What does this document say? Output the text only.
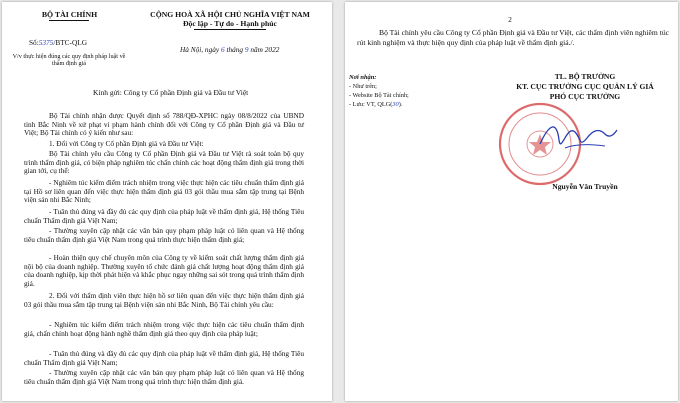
BỘ TÀI CHÍNH
Số:5375/BTC-QLG
V/v thực hiện đúng các quy định pháp luật về thẩm định giá
CỘNG HOÀ XÃ HỘI CHỦ NGHĨA VIỆT NAM
Độc lập - Tự do - Hạnh phúc
Hà Nội, ngày 6 tháng 9 năm 2022
Kính gửi: Công ty Cổ phần Định giá và Đầu tư Việt
Bộ Tài chính nhận được Quyết định số 788/QĐ-XPHC ngày 08/8/2022 của UBND tỉnh Bắc Ninh về xử phạt vi phạm hành chính đối với Công ty Cổ phần Định giá và Đầu tư Việt; Bộ Tài chính có ý kiến như sau:
1. Đối với Công ty Cổ phần Định giá và Đầu tư Việt:
Bộ Tài chính yêu cầu Công ty Cổ phần Định giá và Đầu tư Việt rà soát toàn bộ quy trình thẩm định giá, có biện pháp nghiêm túc chấn chỉnh các hoạt động thẩm định giá trong thời gian tới, cụ thể:
- Nghiêm túc kiểm điểm trách nhiệm trong việc thực hiện các tiêu chuẩn thẩm định giá tại Hồ sơ liên quan đến việc thực hiện thẩm định giá 03 gói thầu mua sắm tập trung tại Bệnh viện sản nhi Bắc Ninh;
- Tuân thủ đúng và đầy đủ các quy định của pháp luật về thẩm định giá, Hệ thống Tiêu chuẩn Thẩm định giá Việt Nam;
- Thường xuyên cập nhật các văn bản quy phạm pháp luật có liên quan và Hệ thống tiêu chuẩn thẩm định giá Việt Nam trong quá trình thực hiện thẩm định giá;
- Hoàn thiện quy chế chuyên môn của Công ty về kiểm soát chất lượng thẩm định giá nội bộ của doanh nghiệp. Thường xuyên tổ chức đánh giá chất lượng hoạt động thẩm định giá của doanh nghiệp, kịp thời phát hiện và khắc phục ngay những sai sót trong quá trình thẩm định giá.
2. Đối với thẩm định viên thực hiện hồ sơ liên quan đến việc thực hiện thẩm định giá 03 gói thầu mua sắm tập trung tại Bệnh viện sản nhi Bắc Ninh, Bộ Tài chính yêu cầu:
- Nghiêm túc kiểm điểm trách nhiệm trong việc thực hiện các tiêu chuẩn thẩm định giá, chấn chỉnh hoạt động hành nghề thẩm định giá theo quy định của pháp luật;
- Tuân thủ đúng và đầy đủ các quy định của pháp luật về thẩm định giá, Hệ thống Tiêu chuẩn Thẩm định giá Việt Nam;
- Thường xuyên cập nhật các văn bản quy phạm pháp luật có liên quan và Hệ thống tiêu chuẩn thẩm định giá Việt Nam trong quá trình thực hiện thẩm định giá.
2
Bộ Tài chính yêu cầu Công ty Cổ phần Định giá và Đầu tư Việt, các thẩm định viên nghiêm túc rút kinh nghiệm và thực hiện quy định của pháp luật về thẩm định giá./.
Nơi nhận:
- Như trên;
- Website Bộ Tài chính;
- Lưu: VT, QLG(30).
TL. BỘ TRƯỞNG
KT. CỤC TRƯỞNG CỤC QUẢN LÝ GIÁ
PHÓ CỤC TRƯỞNG
Nguyễn Văn Truyền
